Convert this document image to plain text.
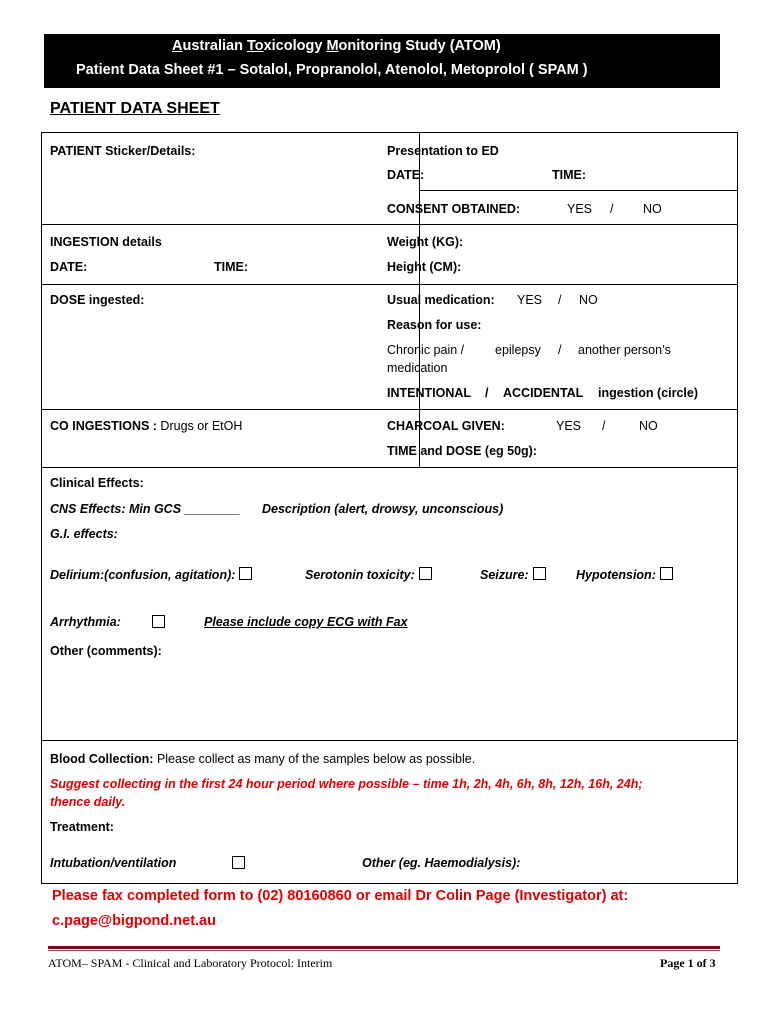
Australian Toxicology Monitoring Study (ATOM)
Patient Data Sheet #1 – Sotalol, Propranolol, Atenolol, Metoprolol ( SPAM )
PATIENT DATA SHEET
PATIENT Sticker/Details:	Presentation to ED
DATE:	TIME:
CONSENT OBTAINED:	YES / NO
INGESTION details
DATE:	TIME:
Weight (KG):
Height (CM):
DOSE ingested:	Usual medication: YES / NO
Reason for use:
Chronic pain / epilepsy / another person’s
medication
INTENTIONAL / ACCIDENTAL ingestion (circle)
CO INGESTIONS : Drugs or EtOH	CHARCOAL GIVEN:	YES /	NO
TIME and DOSE (eg 50g):
Clinical Effects:
CNS Effects: Min GCS ________ Description (alert, drowsy, unconscious)
G.I. effects:
Delirium:(confusion, agitation):	Serotonin toxicity:	Seizure:	Hypotension:
Arrhythmia:	Please include copy ECG with Fax
Other (comments):
Blood Collection: Please collect as many of the samples below as possible.
Suggest collecting in the first 24 hour period where possible – time 1h, 2h, 4h, 6h, 8h, 12h, 16h, 24h;
thence daily.
Treatment:
Intubation/ventilation	Other (eg. Haemodialysis):
Please fax completed form to (02) 80160860 or email Dr Colin Page (Investigator) at:
c.page@bigpond.net.au
ATOM– SPAM - Clinical and Laboratory Protocol: Interim	Page 1 of 3
